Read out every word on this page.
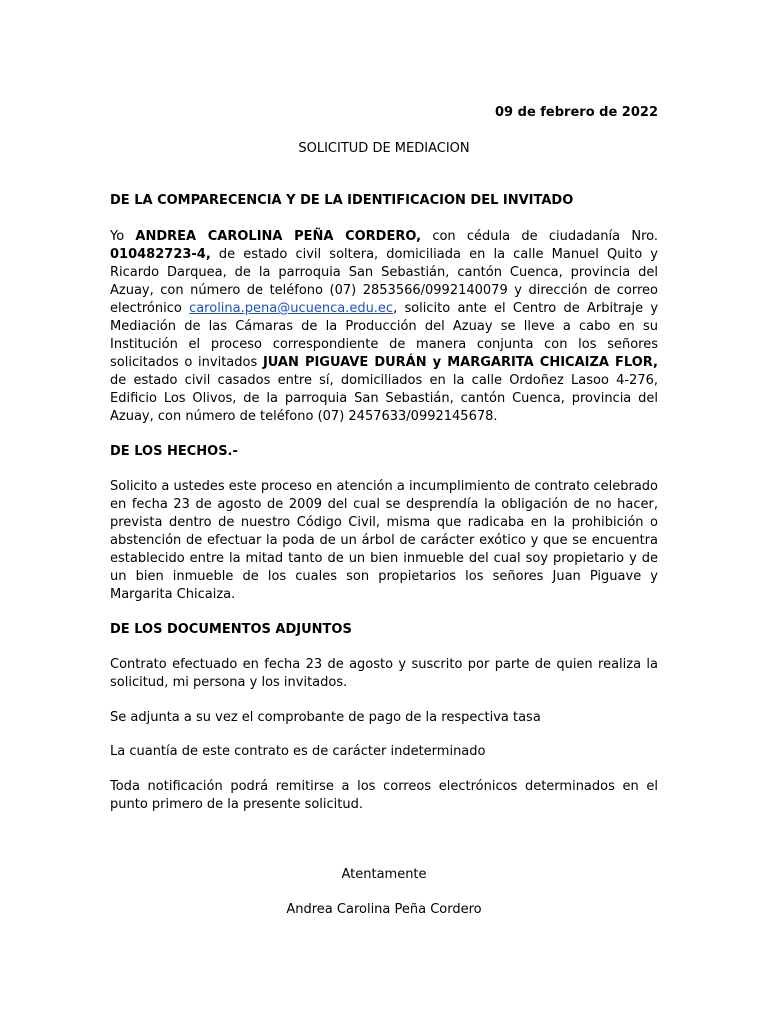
09 de febrero de 2022

SOLICITUD DE MEDIACION

DE LA COMPARECENCIA Y DE LA IDENTIFICACION DEL INVITADO

Yo ANDREA CAROLINA PEÑA CORDERO, con cédula de ciudadanía Nro. 010482723-4, de estado civil soltera, domiciliada en la calle Manuel Quito y Ricardo Darquea, de la parroquia San Sebastián, cantón Cuenca, provincia del Azuay, con número de teléfono (07) 2853566/0992140079 y dirección de correo electrónico carolina.pena@ucuenca.edu.ec, solicito ante el Centro de Arbitraje y Mediación de las Cámaras de la Producción del Azuay se lleve a cabo en su Institución el proceso correspondiente de manera conjunta con los señores solicitados o invitados JUAN PIGUAVE DURÁN y MARGARITA CHICAIZA FLOR, de estado civil casados entre sí, domiciliados en la calle Ordoñez Lasoo 4-276, Edificio Los Olivos, de la parroquia San Sebastián, cantón Cuenca, provincia del Azuay, con número de teléfono (07) 2457633/0992145678.

DE LOS HECHOS.-

Solicito a ustedes este proceso en atención a incumplimiento de contrato celebrado en fecha 23 de agosto de 2009 del cual se desprendía la obligación de no hacer, prevista dentro de nuestro Código Civil, misma que radicaba en la prohibición o abstención de efectuar la poda de un árbol de carácter exótico y que se encuentra establecido entre la mitad tanto de un bien inmueble del cual soy propietario y de un bien inmueble de los cuales son propietarios los señores Juan Piguave y Margarita Chicaiza.

DE LOS DOCUMENTOS ADJUNTOS

Contrato efectuado en fecha 23 de agosto y suscrito por parte de quien realiza la solicitud, mi persona y los invitados.

Se adjunta a su vez el comprobante de pago de la respectiva tasa

La cuantía de este contrato es de carácter indeterminado

Toda notificación podrá remitirse a los correos electrónicos determinados en el punto primero de la presente solicitud.

Atentamente

Andrea Carolina Peña Cordero
